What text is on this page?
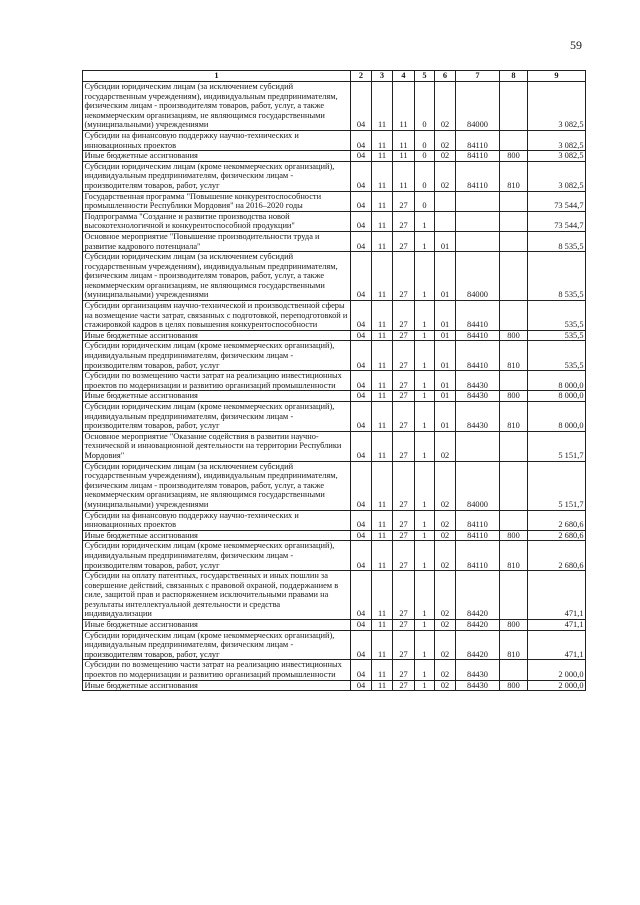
59
1	2	3	4	5	6	7	8	9
Субсидии юридическим лицам (за исключением субсидий государственным учреждениям), индивидуальным предпринимателям, физическим лицам - производителям товаров, работ, услуг, а также некоммерческим организациям, не являющимся государственными (муниципальными) учреждениями	04	11	11	0	02	84000		3 082,5
Субсидии на финансовую поддержку научно-технических и инновационных проектов	04	11	11	0	02	84110		3 082,5
Иные бюджетные ассигнования	04	11	11	0	02	84110	800	3 082,5
Субсидии юридическим лицам (кроме некоммерческих организаций), индивидуальным предпринимателям, физическим лицам - производителям товаров, работ, услуг	04	11	11	0	02	84110	810	3 082,5
Государственная программа "Повышение конкурентоспособности промышленности Республики Мордовия" на 2016–2020 годы	04	11	27	0				73 544,7
Подпрограмма "Создание и развитие производства новой высокотехнологичной и конкурентоспособной продукции"	04	11	27	1				73 544,7
Основное мероприятие "Повышение производительности труда и развитие кадрового потенциала"	04	11	27	1	01			8 535,5
Субсидии юридическим лицам (за исключением субсидий государственным учреждениям), индивидуальным предпринимателям, физическим лицам - производителям товаров, работ, услуг, а также некоммерческим организациям, не являющимся государственными (муниципальными) учреждениями	04	11	27	1	01	84000		8 535,5
Субсидии организациям научно-технической и производственной сферы на возмещение части затрат, связанных с подготовкой, переподготовкой и стажировкой кадров в целях повышения конкурентоспособности	04	11	27	1	01	84410		535,5
Иные бюджетные ассигнования	04	11	27	1	01	84410	800	535,5
Субсидии юридическим лицам (кроме некоммерческих организаций), индивидуальным предпринимателям, физическим лицам - производителям товаров, работ, услуг	04	11	27	1	01	84410	810	535,5
Субсидии по возмещению части затрат на реализацию инвестиционных проектов по модернизации и развитию организаций промышленности	04	11	27	1	01	84430		8 000,0
Иные бюджетные ассигнования	04	11	27	1	01	84430	800	8 000,0
Субсидии юридическим лицам (кроме некоммерческих организаций), индивидуальным предпринимателям, физическим лицам - производителям товаров, работ, услуг	04	11	27	1	01	84430	810	8 000,0
Основное мероприятие "Оказание содействия в развитии научно-технической и инновационной деятельности на территории Республики Мордовия"	04	11	27	1	02			5 151,7
Субсидии юридическим лицам (за исключением субсидий государственным учреждениям), индивидуальным предпринимателям, физическим лицам - производителям товаров, работ, услуг, а также некоммерческим организациям, не являющимся государственными (муниципальными) учреждениями	04	11	27	1	02	84000		5 151,7
Субсидии на финансовую поддержку научно-технических и инновационных проектов	04	11	27	1	02	84110		2 680,6
Иные бюджетные ассигнования	04	11	27	1	02	84110	800	2 680,6
Субсидии юридическим лицам (кроме некоммерческих организаций), индивидуальным предпринимателям, физическим лицам - производителям товаров, работ, услуг	04	11	27	1	02	84110	810	2 680,6
Субсидии на оплату патентных, государственных и иных пошлин за совершение действий, связанных с правовой охраной, поддержанием в силе, защитой прав и распоряжением исключительными правами на результаты интеллектуальной деятельности и средства индивидуализации	04	11	27	1	02	84420		471,1
Иные бюджетные ассигнования	04	11	27	1	02	84420	800	471,1
Субсидии юридическим лицам (кроме некоммерческих организаций), индивидуальным предпринимателям, физическим лицам - производителям товаров, работ, услуг	04	11	27	1	02	84420	810	471,1
Субсидии по возмещению части затрат на реализацию инвестиционных проектов по модернизации и развитию организаций промышленности	04	11	27	1	02	84430		2 000,0
Иные бюджетные ассигнования	04	11	27	1	02	84430	800	2 000,0
